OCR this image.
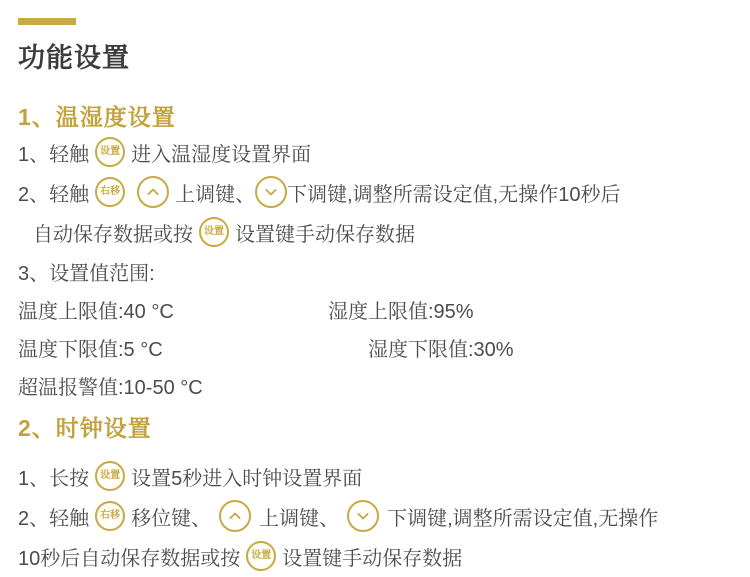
功能设置
1、温湿度设置

1、轻触 设置 进入温湿度设置界面

2、轻触 右移	上调键、 下调键,调整所需设定值,无操作10秒后

自动保存数据或按 设置 设置键手动保存数据

3、设置值范围:

温度上限值:40 °C	湿度上限值:95%

温度下限值:5 °C	湿度下限值:30%

超温报警值:10-50 °C

2、时钟设置

1、长按 设置 设置5秒进入时钟设置界面

2、轻触 右移 移位键、 上调键、 下调键,调整所需设定值,无操作

10秒后自动保存数据或按 设置 设置键手动保存数据
